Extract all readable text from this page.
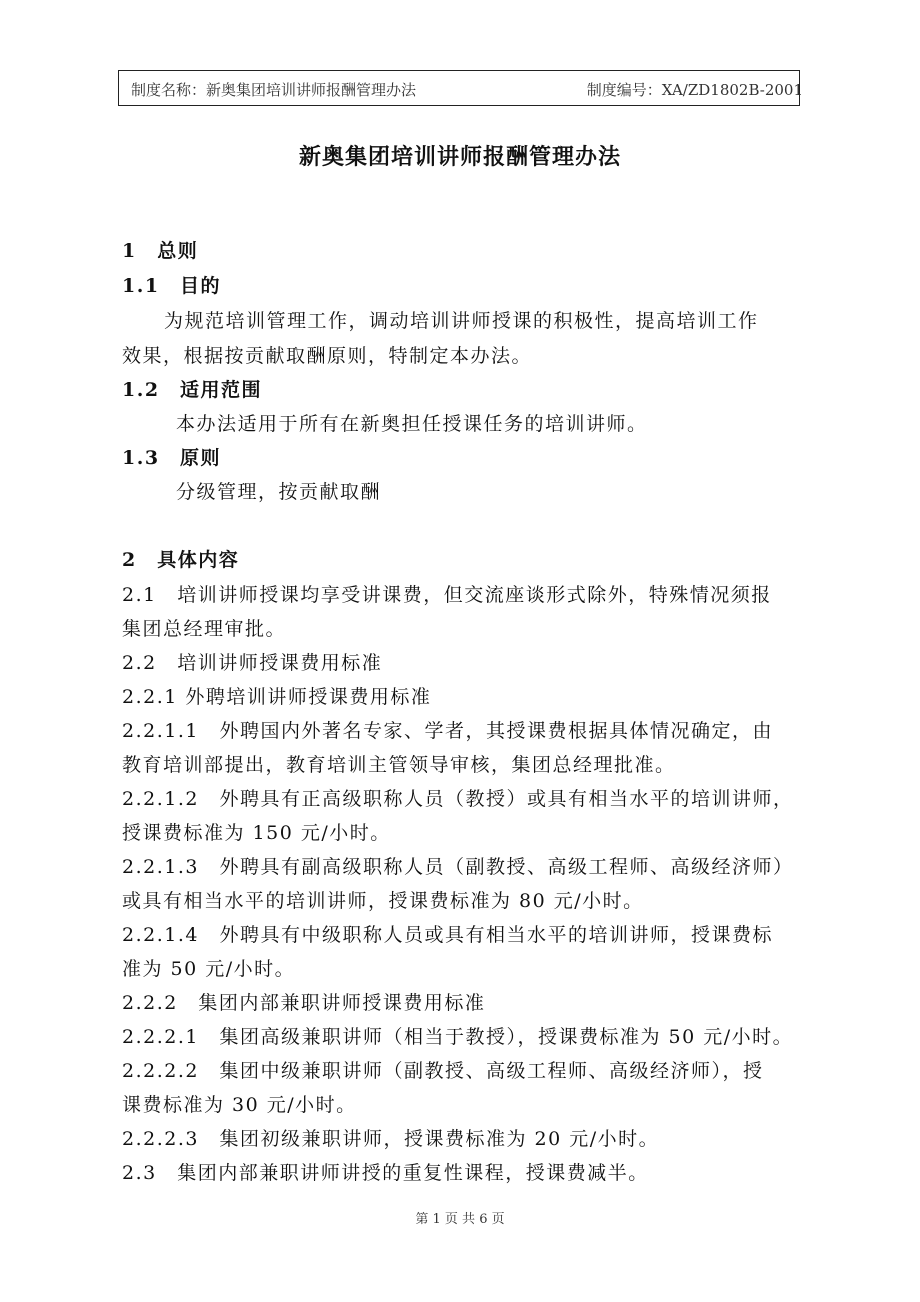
制度名称：新奥集团培训讲师报酬管理办法	制度编号：XA/ZD1802B-2001
新奥集团培训讲师报酬管理办法
1　总则
1.1　目的
为规范培训管理工作，调动培训讲师授课的积极性，提高培训工作
效果，根据按贡献取酬原则，特制定本办法。
1.2　适用范围
本办法适用于所有在新奥担任授课任务的培训讲师。
1.3　原则
分级管理，按贡献取酬
2　具体内容
2.1　培训讲师授课均享受讲课费，但交流座谈形式除外，特殊情况须报
集团总经理审批。
2.2　培训讲师授课费用标准
2.2.1 外聘培训讲师授课费用标准
2.2.1.1　外聘国内外著名专家、学者，其授课费根据具体情况确定，由
教育培训部提出，教育培训主管领导审核，集团总经理批准。
2.2.1.2　外聘具有正高级职称人员（教授）或具有相当水平的培训讲师，
授课费标准为 150 元/小时。
2.2.1.3　外聘具有副高级职称人员（副教授、高级工程师、高级经济师）
或具有相当水平的培训讲师，授课费标准为 80 元/小时。
2.2.1.4　外聘具有中级职称人员或具有相当水平的培训讲师，授课费标
准为 50 元/小时。
2.2.2　集团内部兼职讲师授课费用标准
2.2.2.1　集团高级兼职讲师（相当于教授），授课费标准为 50 元/小时。
2.2.2.2　集团中级兼职讲师（副教授、高级工程师、高级经济师），授
课费标准为 30 元/小时。
2.2.2.3　集团初级兼职讲师，授课费标准为 20 元/小时。
2.3　集团内部兼职讲师讲授的重复性课程，授课费减半。
第 1 页 共 6 页
